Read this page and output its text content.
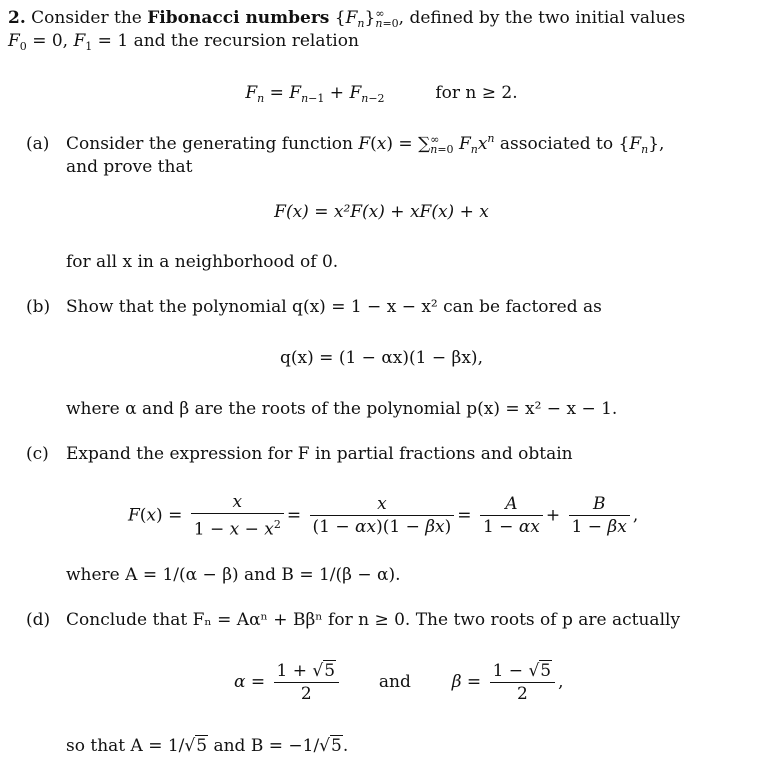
2. Consider the Fibonacci numbers $\{F_n\}$ ∞
n=0 , defined by the two initial values
$F_0 = 0$, $F_1 = 1$ and the recursion relation
$F_n = F_{n-1} + F_{n-2}$	for n ≥ 2.
(a) Consider the generating function F(x) = ∑ ∞
n=0 $F_nx^n$ associated to $\{F_n\}$,
and prove that
F(x) = x²F(x) + xF(x) + x
for all x in a neighborhood of 0.
(b) Show that the polynomial q(x) = 1 − x − x² can be factored as
q(x) = (1 − αx)(1 − βx),
where α and β are the roots of the polynomial p(x) = x² − x − 1.
(c) Expand the expression for F in partial fractions and obtain
$F(x) = \frac{x}{1 - x - x^2} = \frac{x}{(1 - \alpha x)(1 - \beta x)} = \frac{A}{1 - \alpha x} + \frac{B}{1 - \beta x}$ ,
where A = 1/(α − β) and B = 1/(β − α).
(d) Conclude that Fₙ = Aαⁿ + Bβⁿ for n ≥ 0. The two roots of p are actually
$\alpha = \frac{1 + √5}{2}$ and $\beta = \frac{1 - √5}{2}$ ,
so that A = 1/√5 and B = −1/√5.
